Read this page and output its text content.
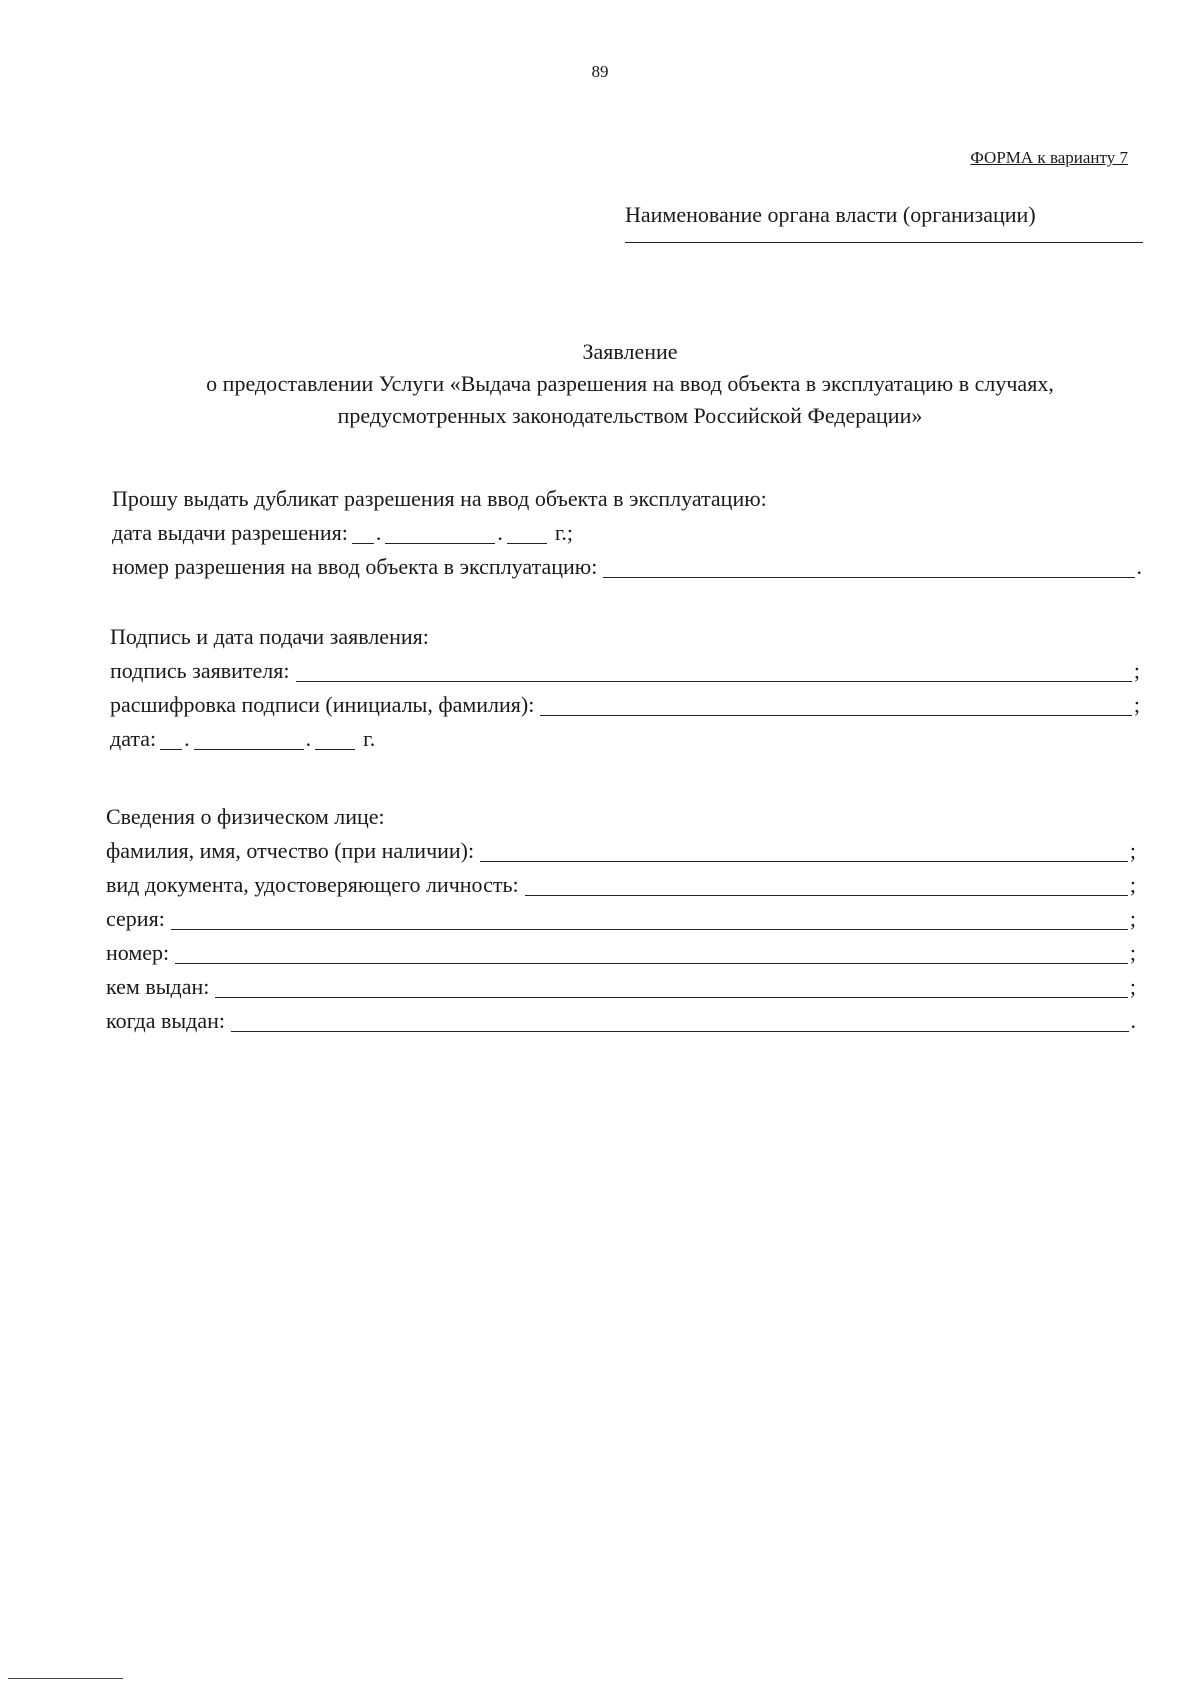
89
ФОРМА к варианту 7
Наименование органа власти (организации)
Заявление
о предоставлении Услуги «Выдача разрешения на ввод объекта в эксплуатацию в случаях,
предусмотренных законодательством Российской Федерации»
Прошу выдать дубликат разрешения на ввод объекта в эксплуатацию:
дата выдачи разрешения: .	. г.;
номер разрешения на ввод объекта в эксплуатацию:	.
Подпись и дата подачи заявления:
подпись заявителя:	;
расшифровка подписи (инициалы, фамилия):	;
дата: .	. г.
Сведения о физическом лице:
фамилия, имя, отчество (при наличии):	;
вид документа, удостоверяющего личность:	;
серия:	;
номер:	;
кем выдан:	;
когда выдан:	.
